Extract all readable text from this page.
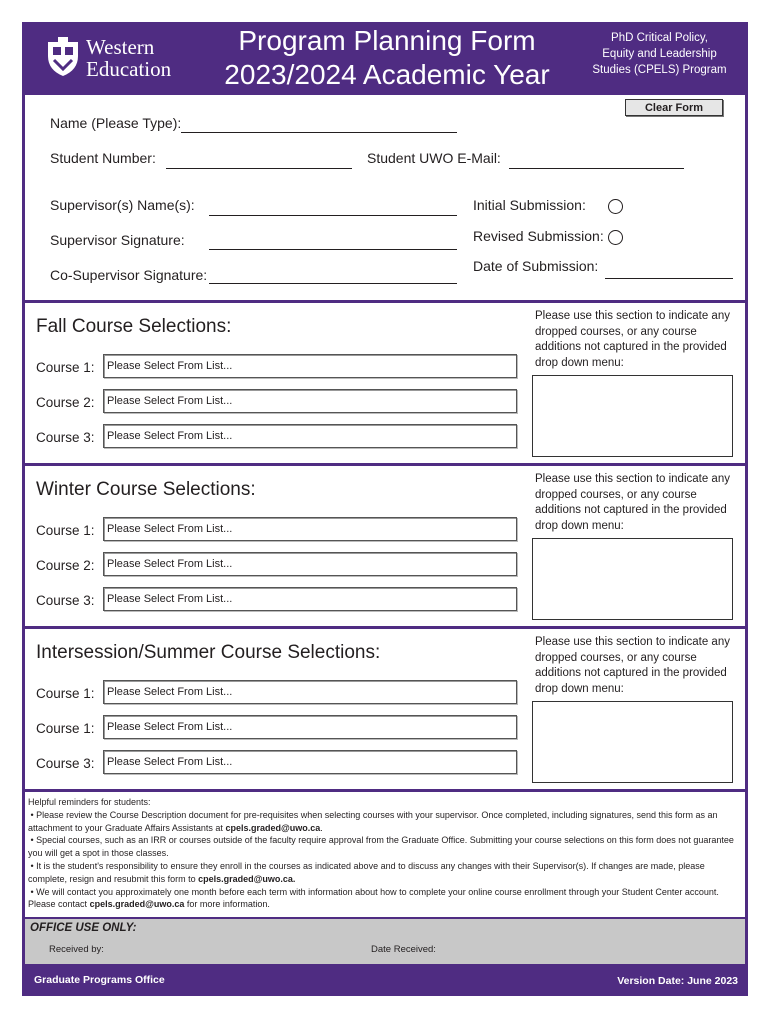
Western
Education
Program Planning Form
2023/2024 Academic Year
PhD Critical Policy,
Equity and Leadership
Studies (CPELS) Program
Clear Form
Name (Please Type):
Student Number:	Student UWO E-Mail:
Supervisor(s) Name(s):	Initial Submission:
Supervisor Signature:	Revised Submission:
Co-Supervisor Signature:
Date of Submission:
Fall Course Selections:
Course 1:	Please Select From List...
Course 2:	Please Select From List...
Course 3:	Please Select From List...
Please use this section to indicate any dropped courses, or any course additions not captured in the provided drop down menu:
Winter Course Selections:
Course 1:	Please Select From List...
Course 2:	Please Select From List...
Course 3:	Please Select From List...
Please use this section to indicate any dropped courses, or any course additions not captured in the provided drop down menu:
Intersession/Summer Course Selections:
Course 1:	Please Select From List...
Course 1:	Please Select From List...
Course 3:	Please Select From List...
Please use this section to indicate any dropped courses, or any course additions not captured in the provided drop down menu:

Helpful reminders for students:

• Please review the Course Description document for pre-requisites when selecting courses with your supervisor. Once completed, including signatures, send this form as an attachment to your Graduate Affairs Assistants at cpels.graded@uwo.ca.

• Special courses, such as an IRR or courses outside of the faculty require approval from the Graduate Office. Submitting your course selections on this form does not guarantee you will get a spot in those classes.

• It is the student's responsibility to ensure they enroll in the courses as indicated above and to discuss any changes with their Supervisor(s). If changes are made, please complete, resign and resubmit this form to cpels.graded@uwo.ca.

• We will contact you approximately one month before each term with information about how to complete your online course enrollment through your Student Center account. Please contact cpels.graded@uwo.ca for more information.

OFFICE USE ONLY:
Received by:	Date Received:
Graduate Programs Office	Version Date: June 2023
